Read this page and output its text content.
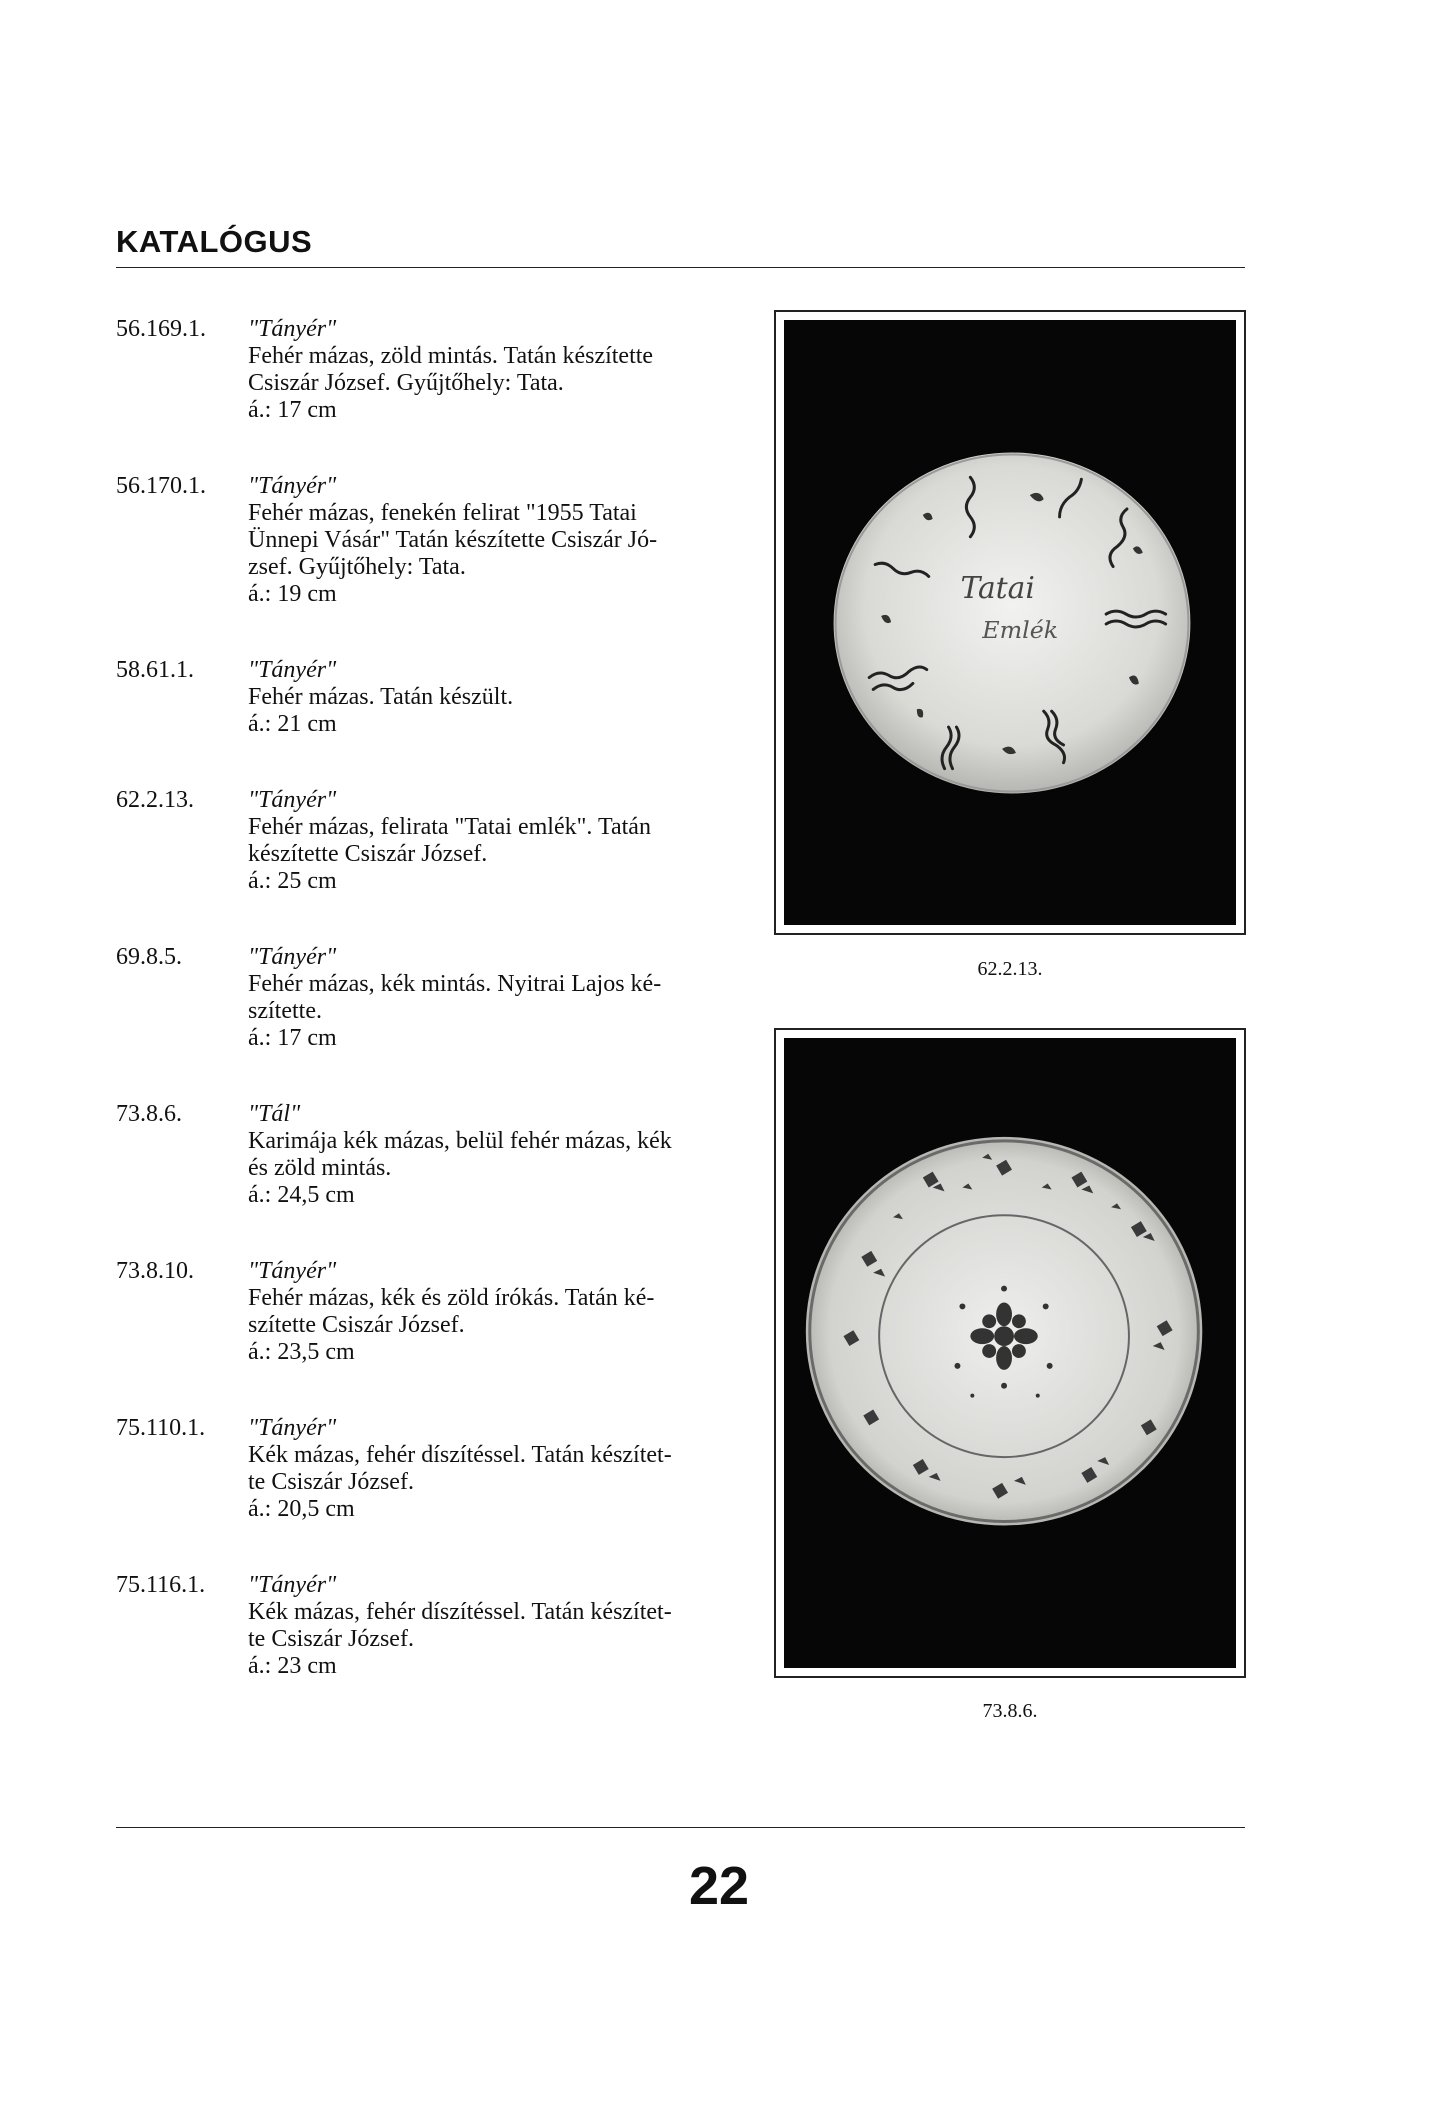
KATALÓGUS
56.169.1.	"Tányér"
Fehér mázas, zöld mintás. Tatán készítette
Csiszár József. Gyűjtőhely: Tata.
á.: 17 cm
56.170.1.	"Tányér"
Fehér mázas, fenekén felirat "1955 Tatai
Ünnepi Vásár" Tatán készítette Csiszár Jó-
zsef. Gyűjtőhely: Tata.
á.: 19 cm
58.61.1.	"Tányér"
Fehér mázas. Tatán készült.
á.: 21 cm
62.2.13.	"Tányér"
Fehér mázas, felirata "Tatai emlék". Tatán
készítette Csiszár József.
á.: 25 cm
69.8.5.	"Tányér"
Fehér mázas, kék mintás. Nyitrai Lajos ké-
szítette.
á.: 17 cm
73.8.6.	"Tál"
Karimája kék mázas, belül fehér mázas, kék
és zöld mintás.
á.: 24,5 cm
73.8.10.	"Tányér"
Fehér mázas, kék és zöld írókás. Tatán ké-
szítette Csiszár József.
á.: 23,5 cm
75.110.1.	"Tányér"
Kék mázas, fehér díszítéssel. Tatán készítet-
te Csiszár József.
á.: 20,5 cm
75.116.1.	"Tányér"
Kék mázas, fehér díszítéssel. Tatán készítet-
te Csiszár József.
á.: 23 cm
Tatai
Emlék
62.2.13.
73.8.6.
22
